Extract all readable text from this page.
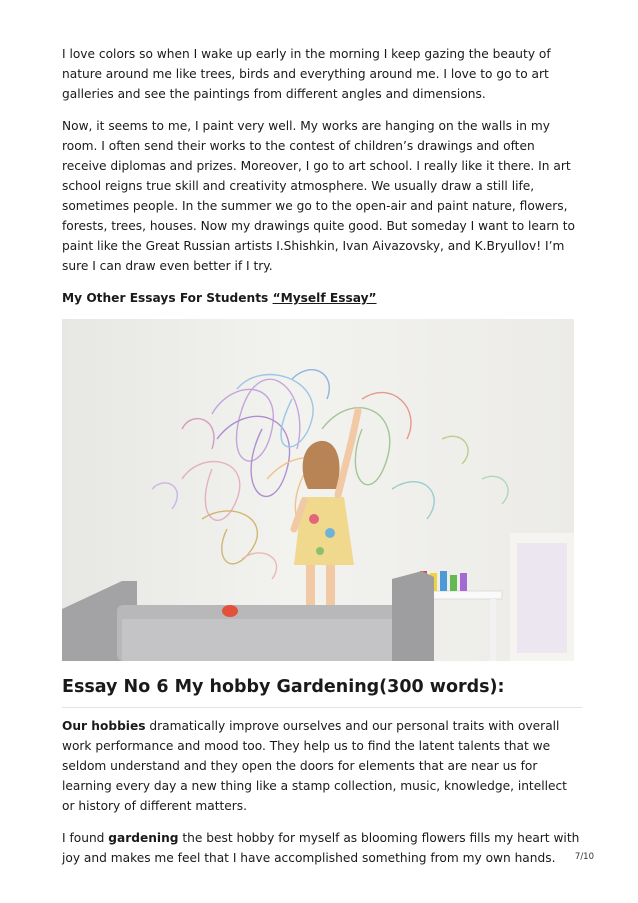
I love colors so when I wake up early in the morning I keep gazing the beauty of nature around me like trees, birds and everything around me. I love to go to art galleries and see the paintings from different angles and dimensions.

Now, it seems to me, I paint very well. My works are hanging on the walls in my room. I often send their works to the contest of children’s drawings and often receive diplomas and prizes. Moreover, I go to art school. I really like it there. In art school reigns true skill and creativity atmosphere. We usually draw a still life, sometimes people. In the summer we go to the open-air and paint nature, flowers, forests, trees, houses. Now my drawings quite good. But someday I want to learn to paint like the Great Russian artists I.Shishkin, Ivan Aivazovsky, and K.Bryullov! I’m sure I can draw even better if I try.

My Other Essays For Students “Myself Essay”

Essay No 6 My hobby Gardening(300 words):

Our hobbies dramatically improve ourselves and our personal traits with overall work performance and mood too. They help us to find the latent talents that we seldom understand and they open the doors for elements that are near us for learning every day a new thing like a stamp collection, music, knowledge, intellect or history of different matters.

I found gardening the best hobby for myself as blooming flowers fills my heart with joy and makes me feel that I have accomplished something from my own hands.	7/10
